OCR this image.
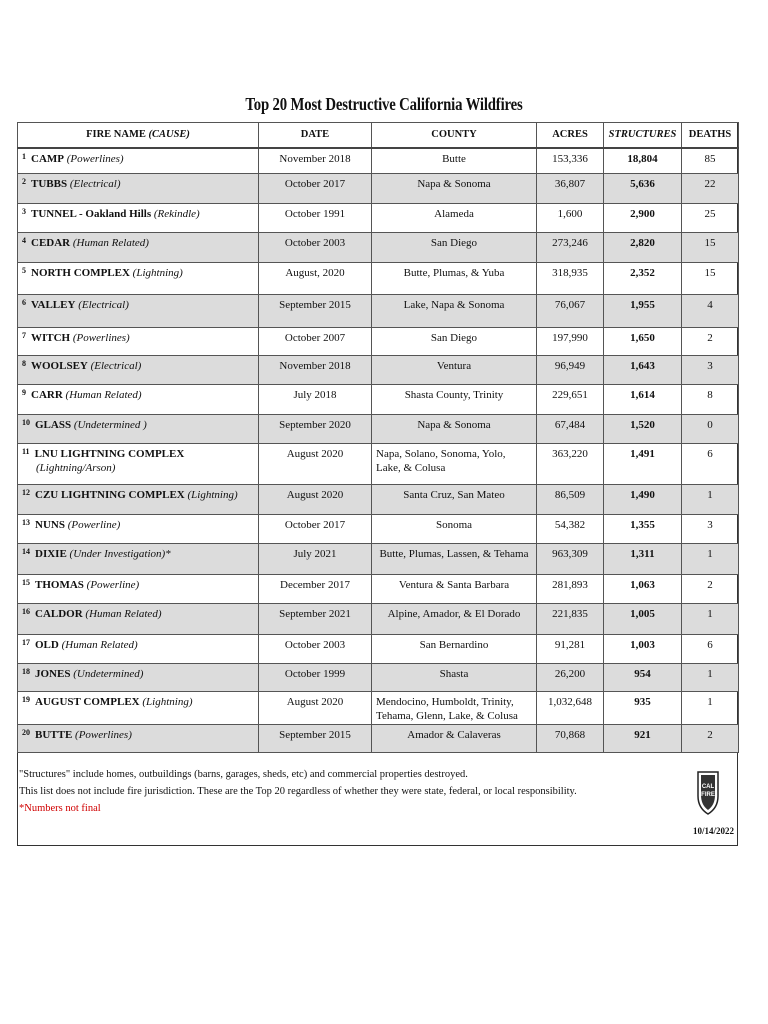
Top 20 Most Destructive California Wildfires
FIRE NAME (CAUSE)	DATE	COUNTY	ACRES	STRUCTURES	DEATHS
$^1$ CAMP (Powerlines)	November 2018	Butte	153,336	18,804	85
$^2$ TUBBS (Electrical)	October 2017	Napa & Sonoma	36,807	5,636	22
$^3$ TUNNEL - Oakland Hills (Rekindle)	October 1991	Alameda	1,600	2,900	25
$^4$ CEDAR (Human Related)	October 2003	San Diego	273,246	2,820	15
$^5$ NORTH COMPLEX (Lightning)	August, 2020	Butte, Plumas, & Yuba	318,935	2,352	15
$^6$ VALLEY (Electrical)	September 2015	Lake, Napa & Sonoma	76,067	1,955	4
$^7$ WITCH (Powerlines)	October 2007	San Diego	197,990	1,650	2
$^8$ WOOLSEY (Electrical)	November 2018	Ventura	96,949	1,643	3
$^9$ CARR (Human Related)	July 2018	Shasta County, Trinity	229,651	1,614	8
$^{10}$ GLASS (Undetermined )	September 2020	Napa & Sonoma	67,484	1,520	0
$^{11}$ LNU LIGHTNING COMPLEX
(Lightning/Arson)	August 2020	Napa, Solano, Sonoma, Yolo, Lake, & Colusa	363,220	1,491	6
$^{12}$ CZU LIGHTNING COMPLEX (Lightning)	August 2020	Santa Cruz, San Mateo	86,509	1,490	1
$^{13}$ NUNS (Powerline)	October 2017	Sonoma	54,382	1,355	3
$^{14}$ DIXIE (Under Investigation)*	July 2021	Butte, Plumas, Lassen, & Tehama	963,309	1,311	1
$^{15}$ THOMAS (Powerline)	December 2017	Ventura & Santa Barbara	281,893	1,063	2
$^{16}$ CALDOR (Human Related)	September 2021	Alpine, Amador, & El Dorado	221,835	1,005	1
$^{17}$ OLD (Human Related)	October 2003	San Bernardino	91,281	1,003	6
$^{18}$ JONES (Undetermined)	October 1999	Shasta	26,200	954	1
$^{19}$ AUGUST COMPLEX (Lightning)	August 2020	Mendocino, Humboldt, Trinity, Tehama, Glenn, Lake, & Colusa	1,032,648	935	1
$^{20}$ BUTTE (Powerlines)	September 2015	Amador & Calaveras	70,868	921	2
"Structures" include homes, outbuildings (barns, garages, sheds, etc) and commercial properties destroyed.
This list does not include fire jurisdiction. These are the Top 20 regardless of whether they were state, federal, or local responsibility.
*Numbers not final
CAL
FIRE
10/14/2022
